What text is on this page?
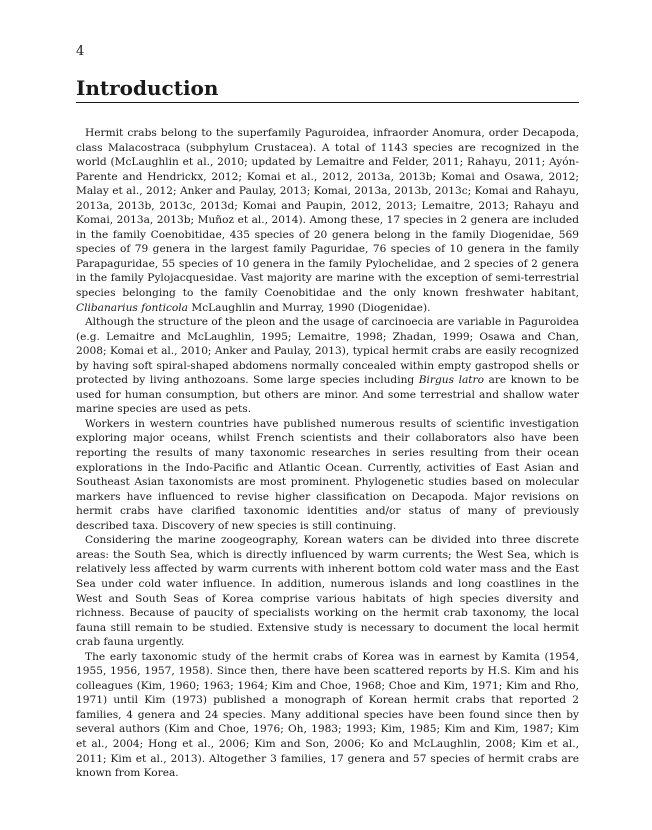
4
Introduction

Hermit crabs belong to the superfamily Paguroidea, infraorder Anomura, order Decapoda, class Malacostraca (subphylum Crustacea). A total of 1143 species are recognized in the world (McLaughlin et al., 2010; updated by Lemaitre and Felder, 2011; Rahayu, 2011; Ayón-Parente and Hendrickx, 2012; Komai et al., 2012, 2013a, 2013b; Komai and Osawa, 2012; Malay et al., 2012; Anker and Paulay, 2013; Komai, 2013a, 2013b, 2013c; Komai and Rahayu, 2013a, 2013b, 2013c, 2013d; Komai and Paupin, 2012, 2013; Lemaitre, 2013; Rahayu and Komai, 2013a, 2013b; Muñoz et al., 2014). Among these, 17 species in 2 genera are included in the family Coenobitidae, 435 species of 20 genera belong in the family Diogenidae, 569 species of 79 genera in the largest family Paguridae, 76 species of 10 genera in the family Parapaguridae, 55 species of 10 genera in the family Pylochelidae, and 2 species of 2 genera in the family Pylojacquesidae. Vast majority are marine with the exception of semi-terrestrial species belonging to the family Coenobitidae and the only known freshwater habitant, Clibanarius fonticola McLaughlin and Murray, 1990 (Diogenidae).

Although the structure of the pleon and the usage of carcinoecia are variable in Paguroidea (e.g. Lemaitre and McLaughlin, 1995; Lemaitre, 1998; Zhadan, 1999; Osawa and Chan, 2008; Komai et al., 2010; Anker and Paulay, 2013), typical hermit crabs are easily recognized by having soft spiral-shaped abdomens normally concealed within empty gastropod shells or protected by living anthozoans. Some large species including Birgus latro are known to be used for human consumption, but others are minor. And some terrestrial and shallow water marine species are used as pets.

Workers in western countries have published numerous results of scientific investigation exploring major oceans, whilst French scientists and their collaborators also have been reporting the results of many taxonomic researches in series resulting from their ocean explorations in the Indo-Pacific and Atlantic Ocean. Currently, activities of East Asian and Southeast Asian taxonomists are most prominent. Phylogenetic studies based on molecular markers have influenced to revise higher classification on Decapoda. Major revisions on hermit crabs have clarified taxonomic identities and/or status of many of previously described taxa. Discovery of new species is still continuing.

Considering the marine zoogeography, Korean waters can be divided into three discrete areas: the South Sea, which is directly influenced by warm currents; the West Sea, which is relatively less affected by warm currents with inherent bottom cold water mass and the East Sea under cold water influence. In addition, numerous islands and long coastlines in the West and South Seas of Korea comprise various habitats of high species diversity and richness. Because of paucity of specialists working on the hermit crab taxonomy, the local fauna still remain to be studied. Extensive study is necessary to document the local hermit crab fauna urgently.

The early taxonomic study of the hermit crabs of Korea was in earnest by Kamita (1954, 1955, 1956, 1957, 1958). Since then, there have been scattered reports by H.S. Kim and his colleagues (Kim, 1960; 1963; 1964; Kim and Choe, 1968; Choe and Kim, 1971; Kim and Rho, 1971) until Kim (1973) published a monograph of Korean hermit crabs that reported 2 families, 4 genera and 24 species. Many additional species have been found since then by several authors (Kim and Choe, 1976; Oh, 1983; 1993; Kim, 1985; Kim and Kim, 1987; Kim et al., 2004; Hong et al., 2006; Kim and Son, 2006; Ko and McLaughlin, 2008; Kim et al., 2011; Kim et al., 2013). Altogether 3 families, 17 genera and 57 species of hermit crabs are known from Korea.
